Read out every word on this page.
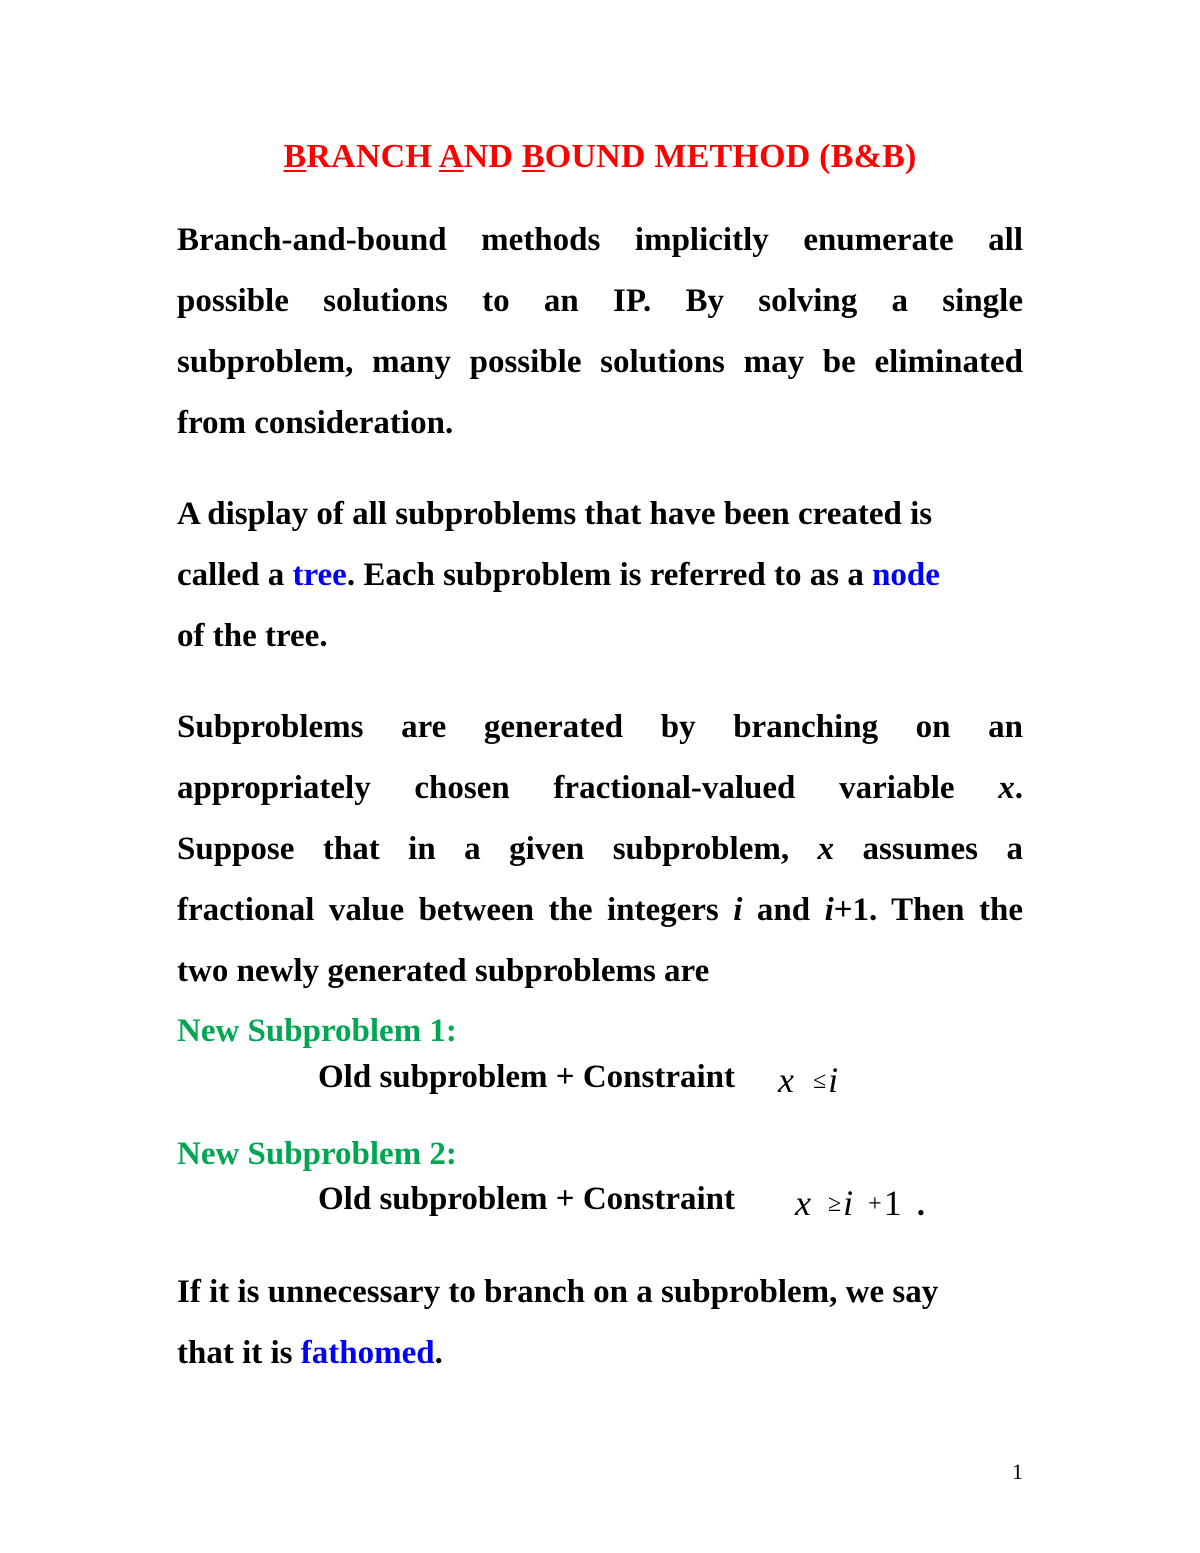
BRANCH AND BOUND METHOD (B&B)
Branch-and-bound methods implicitly enumerate all
possible solutions to an IP. By solving a single
subproblem, many possible solutions may be eliminated
from consideration.
A display of all subproblems that have been created is
called a tree. Each subproblem is referred to as a node
of the tree.
Subproblems are generated by branching on an
appropriately chosen fractional-valued variable x.
Suppose that in a given subproblem, x assumes a
fractional value between the integers i and i+1. Then the
two newly generated subproblems are
New Subproblem 1:
Old subproblem + Constraint x ≤i
New Subproblem 2:
Old subproblem + Constraint x ≥i +1 .
If it is unnecessary to branch on a subproblem, we say
that it is fathomed.
1
